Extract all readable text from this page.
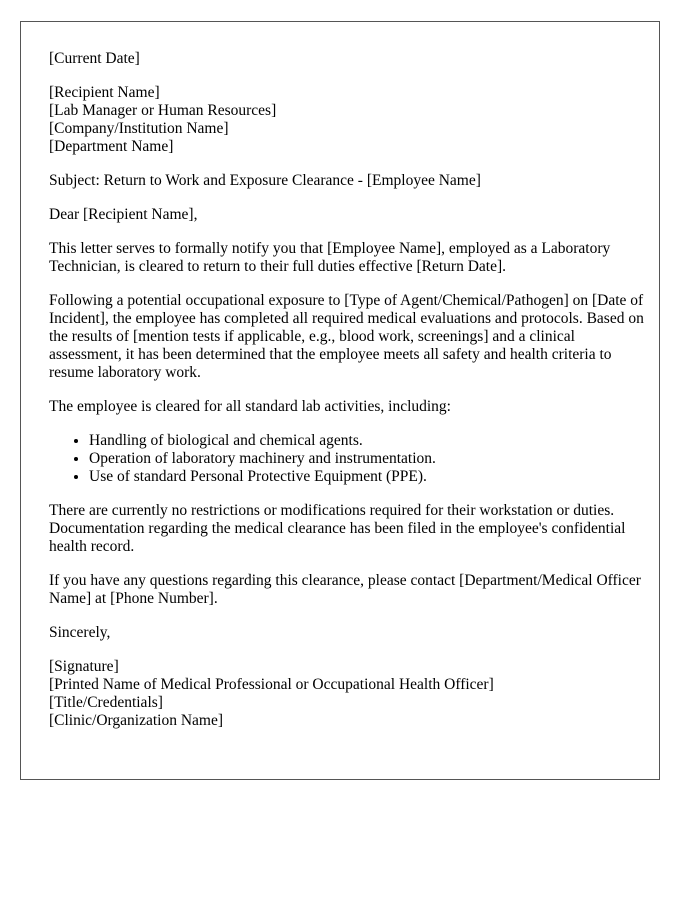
[Current Date]

[Recipient Name]
[Lab Manager or Human Resources]
[Company/Institution Name]
[Department Name]

Subject: Return to Work and Exposure Clearance - [Employee Name]

Dear [Recipient Name],

This letter serves to formally notify you that [Employee Name], employed as a Laboratory Technician, is cleared to return to their full duties effective [Return Date].

Following a potential occupational exposure to [Type of Agent/Chemical/Pathogen] on [Date of Incident], the employee has completed all required medical evaluations and protocols. Based on the results of [mention tests if applicable, e.g., blood work, screenings] and a clinical assessment, it has been determined that the employee meets all safety and health criteria to resume laboratory work.

The employee is cleared for all standard lab activities, including:

• Handling of biological and chemical agents.
• Operation of laboratory machinery and instrumentation.
• Use of standard Personal Protective Equipment (PPE).

There are currently no restrictions or modifications required for their workstation or duties. Documentation regarding the medical clearance has been filed in the employee's confidential health record.

If you have any questions regarding this clearance, please contact [Department/Medical Officer Name] at [Phone Number].

Sincerely,

[Signature]
[Printed Name of Medical Professional or Occupational Health Officer]
[Title/Credentials]
[Clinic/Organization Name]
